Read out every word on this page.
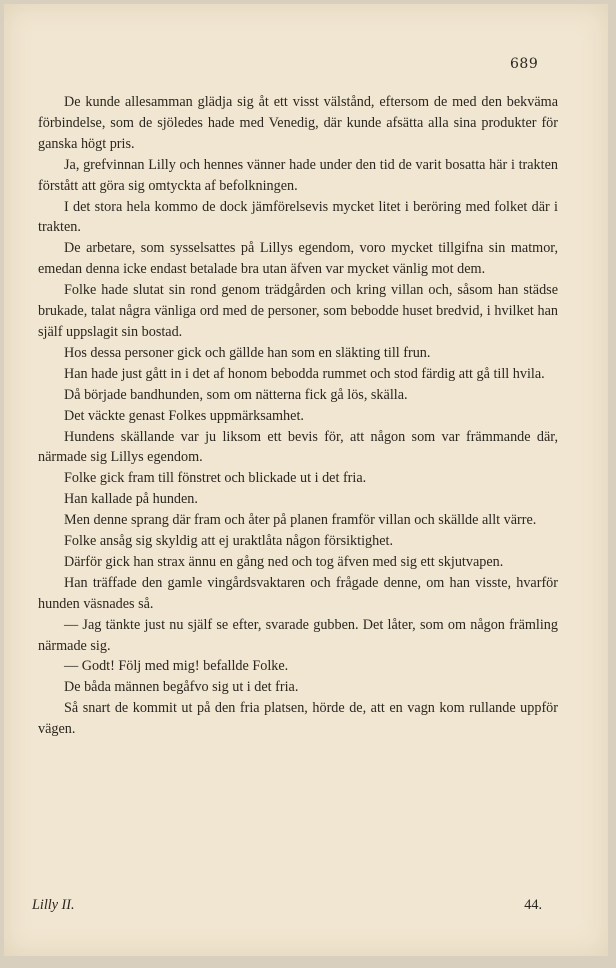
689

De kunde allesamman glädja sig åt ett visst välstånd, eftersom de med den bekväma förbindelse, som de sjöledes hade med Venedig, där kunde afsätta alla sina produkter för ganska högt pris.

Ja, grefvinnan Lilly och hennes vänner hade under den tid de varit bosatta här i trakten förstått att göra sig omtyckta af befolkningen.

I det stora hela kommo de dock jämförelsevis mycket litet i beröring med folket där i trakten.

De arbetare, som sysselsattes på Lillys egendom, voro mycket tillgifna sin matmor, emedan denna icke endast betalade bra utan äfven var mycket vänlig mot dem.

Folke hade slutat sin rond genom trädgården och kring villan och, såsom han städse brukade, talat några vänliga ord med de personer, som bebodde huset bredvid, i hvilket han själf uppslagit sin bostad.

Hos dessa personer gick och gällde han som en släkting till frun.

Han hade just gått in i det af honom bebodda rummet och stod färdig att gå till hvila.

Då började bandhunden, som om nätterna fick gå lös, skälla.

Det väckte genast Folkes uppmärksamhet.

Hundens skällande var ju liksom ett bevis för, att någon som var främmande där, närmade sig Lillys egendom.

Folke gick fram till fönstret och blickade ut i det fria.

Han kallade på hunden.

Men denne sprang där fram och åter på planen framför villan och skällde allt värre.

Folke ansåg sig skyldig att ej uraktlåta någon försiktighet.

Därför gick han strax ännu en gång ned och tog äfven med sig ett skjutvapen.

Han träffade den gamle vingårdsvaktaren och frågade denne, om han visste, hvarför hunden väsnades så.

— Jag tänkte just nu själf se efter, svarade gubben. Det låter, som om någon främling närmade sig.

— Godt! Följ med mig! befallde Folke.

De båda männen begåfvo sig ut i det fria.

Så snart de kommit ut på den fria platsen, hörde de, att en vagn kom rullande uppför vägen.

Lilly II.	44.
